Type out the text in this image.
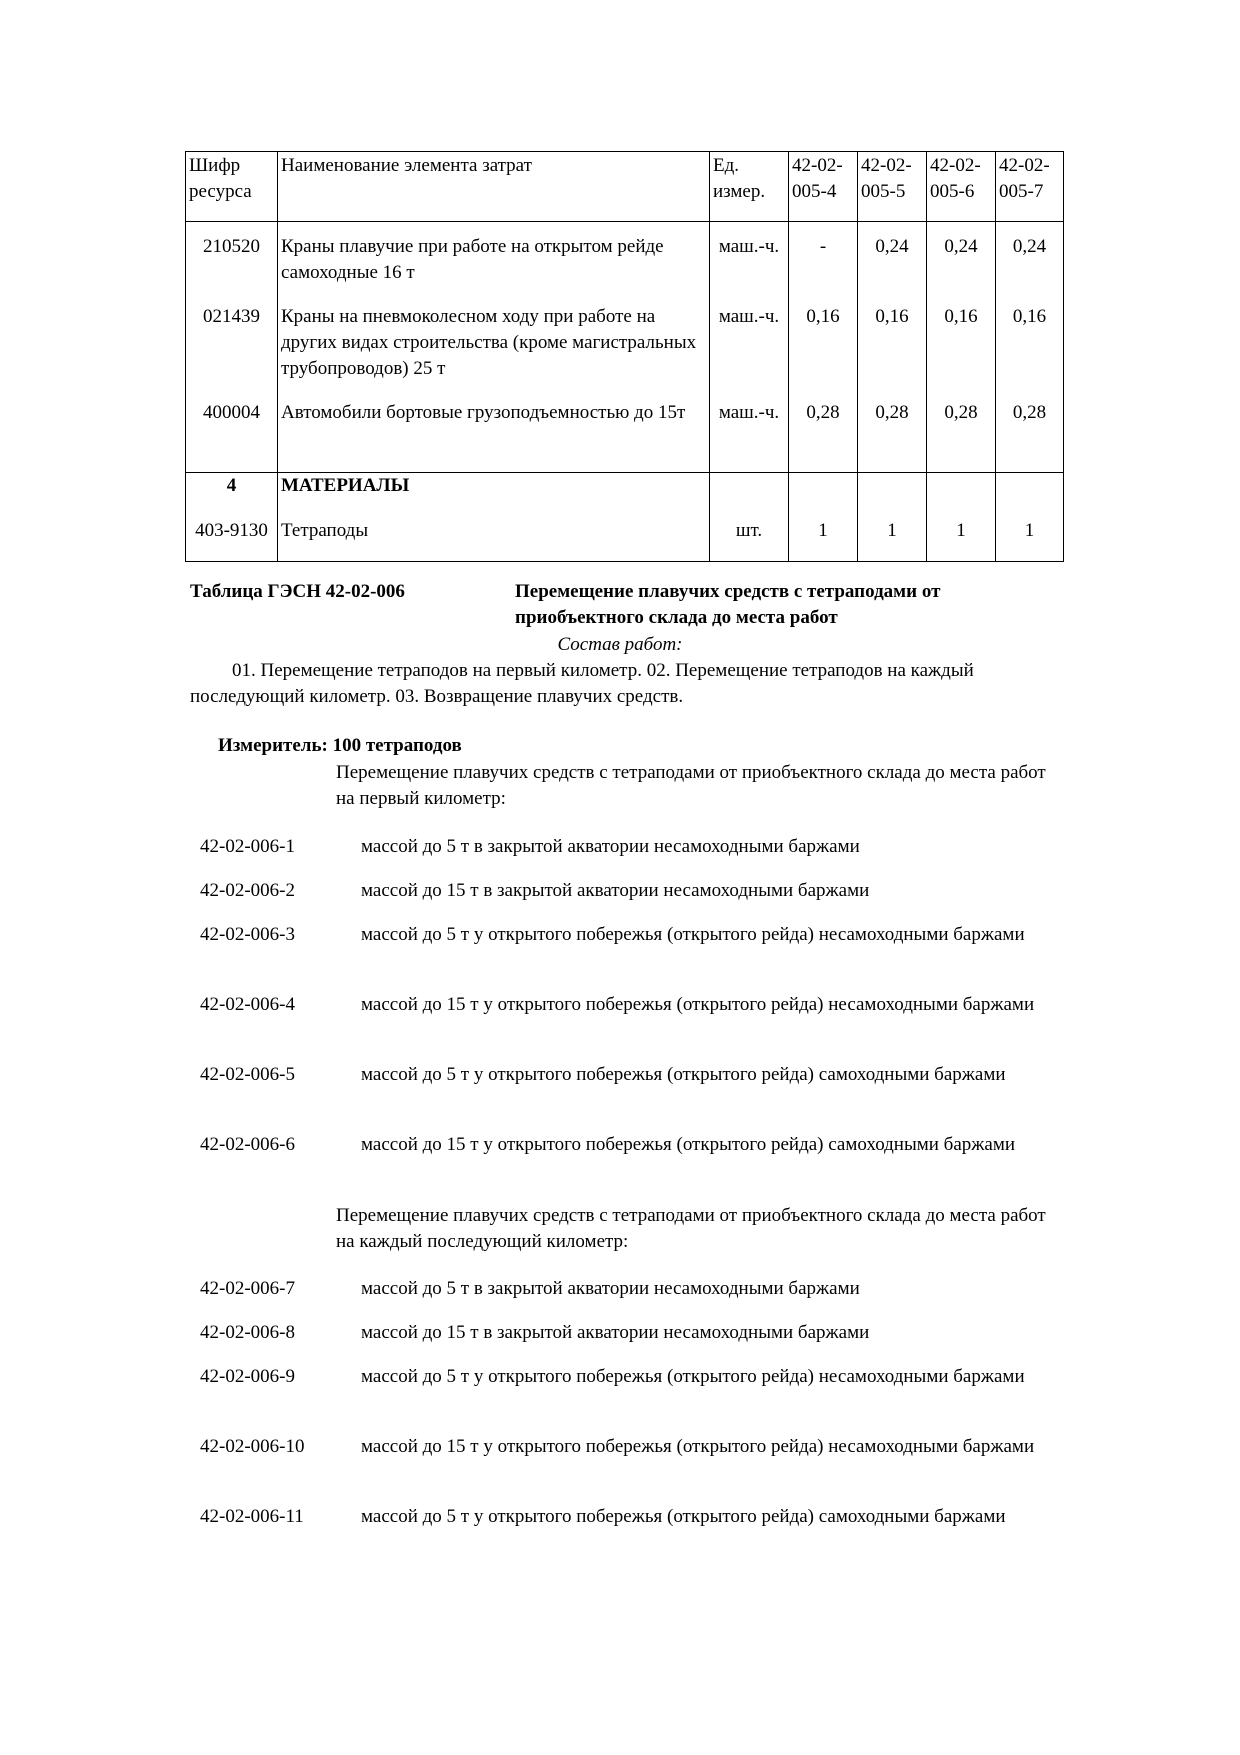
Шифр ресурса	Наименование элемента затрат	Ед. измер.	42-02-005-4	42-02-005-5	42-02-005-6	42-02-005-7
210520	Краны плавучие при работе на открытом рейде самоходные 16 т	маш.-ч.	-	0,24	0,24	0,24
021439	Краны на пневмоколесном ходу при работе на других видах строительства (кроме магистральных трубопроводов) 25 т	маш.-ч.	0,16	0,16	0,16	0,16
400004	Автомобили бортовые грузоподъемностью до 15т	маш.-ч.	0,28	0,28	0,28	0,28
4	МАТЕРИАЛЫ					
403-9130	Тетраподы	шт.	1	1	1	1
Таблица ГЭСН 42-02-006	Перемещение плавучих средств с тетраподами от приобъектного склада до места работ
Состав работ:
01. Перемещение тетраподов на первый километр. 02. Перемещение тетраподов на каждый последующий километр. 03. Возвращение плавучих средств.
Измеритель: 100 тетраподов
Перемещение плавучих средств с тетраподами от приобъектного склада до места работ на первый километр:
42-02-006-1	массой до 5 т в закрытой акватории несамоходными баржами
42-02-006-2	массой до 15 т в закрытой акватории несамоходными баржами
42-02-006-3	массой до 5 т у открытого побережья (открытого рейда) несамоходными баржами
42-02-006-4	массой до 15 т у открытого побережья (открытого рейда) несамоходными баржами
42-02-006-5	массой до 5 т у открытого побережья (открытого рейда) самоходными баржами
42-02-006-6	массой до 15 т у открытого побережья (открытого рейда) самоходными баржами
Перемещение плавучих средств с тетраподами от приобъектного склада до места работ на каждый последующий километр:
42-02-006-7	массой до 5 т в закрытой акватории несамоходными баржами
42-02-006-8	массой до 15 т в закрытой акватории несамоходными баржами
42-02-006-9	массой до 5 т у открытого побережья (открытого рейда) несамоходными баржами
42-02-006-10	массой до 15 т у открытого побережья (открытого рейда) несамоходными баржами
42-02-006-11	массой до 5 т у открытого побережья (открытого рейда) самоходными баржами
